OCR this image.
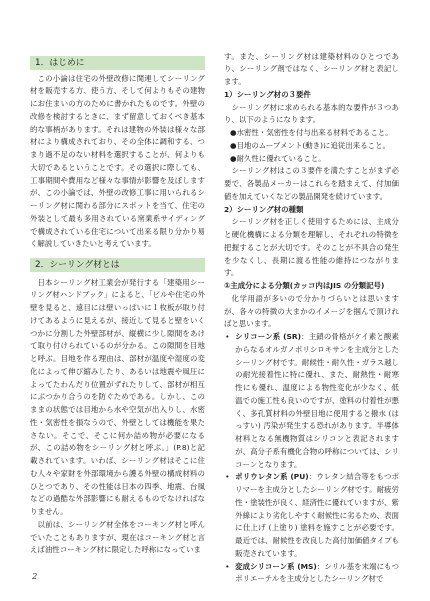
1．はじめに

この小論は住宅の外壁改修に関連してシーリング材を販売する方、使う方、そして何よりもその建物にお住まいの方のために書かれたものです。外壁の改修を検討するときに、まず留意しておくべき基本的な事柄があります。それは建物の外装は様々な部材により構成されており、その全体に調和する、つまり過不足のない材料を選択することが、何よりも大切であるということです。その選択に際しても、工事期間や費用など様々な事情が影響を及ぼしますが、この小論では、外壁の改修工事に用いられるシーリング材に関わる部分にスポットを当て、住宅の外装として最も多用されている窯業系サイディングで構成されている住宅について出来る限り分かり易く解説していきたいと考えています。

2．シーリング材とは

日本シーリング材工業会が発行する「建築用シーリング材ハンドブック」によると、「ビルや住宅の外壁を見ると、遠目には壁いっぱいに１枚板が取り付けてあるように見えるが、接近して見ると壁をいくつかに分割した外壁部材が、縦横に少し隙間をあけて取り付けられているのが分かる。この隙間を目地と呼ぶ。目地を作る理由は、部材が温度や湿度の変化によって伸び縮みしたり、あるいは地震や風圧によってたわんだり位置がずれたりして、部材が相互にぶつかり合うのを防ぐためである。しかし、このままの状態では目地から水や空気が出入りし、水密性・気密性を損なうので、外壁としては機能を果たさない。そこで、そこに何か詰め物が必要になるが、この詰め物をシーリング材と呼ぶ。」(P.8)と記載されています。いわば、シーリング材はそこに住む人々や家財を外部環境から護る外壁の構成材料のひとつであり、その性能は日本の四季、地震、台風などの過酷な外部影響にも耐えるものでなければなりません。

以前は、シーリング材全体をコーキング材と呼んでいたこともありますが、現在はコーキング材と言えば油性コーキング材に限定した呼称になっていま

す。また、シーリング材は建築材料のひとつであり、シーリング剤ではなく、シーリング材と表記します。

1）シーリング材の３要件

シーリング材に求められる基本的な要件が３つあり、以下のようになります。

●水密性・気密性を付与出来る材料であること。
●目地のムーブメント(動き)に追従出来ること。
●耐久性に優れていること。

シーリング材はこの３要件を満たすことがまず必要で、各製品メーカーはこれらを踏まえて、付加価値を加えていくなどの製品開発を続けています。

2）シーリング材の種類

シーリング材を正しく使用するためには、主成分と硬化機構による分類を理解し、それぞれの特徴を把握することが大切です。そのことが不具合の発生を少なくし、長期に渡る性能の維持につながります。

①主成分による分類(カッコ内はJIS の分類記号)

化学用語が多いので分かりづらいとは思いますが、各々の特徴の大まかのイメージを掴んで頂ければと思います。

• シリコーン系 (SR)：主鎖の骨格がケイ素と酸素からなるオルガノポリシロキサンを主成分としたシーリング材です。耐候性・耐久性・ガラス越しの耐光接着性に特に優れ、また、耐熱性・耐寒性にも優れ、温度による物性変化が少なく、低温での施工性も良いのですが、塗料の付着性が悪く、多孔質材料の外壁目地に使用すると撥水 (はっすい) 汚染が発生する恐れがあります。半導体材料となる無機物質はシリコンと表記されますが、高分子系有機化合物の呼称については、シリコーンとなります。
• ポリウレタン系 (PU)：ウレタン結合等をもつポリマーを主成分としたシーリング材です。耐疲労性・塗装性が良く、経済性に優れていますが、紫外線により劣化しやすく耐候性に劣るため、表面に仕上げ (上塗り) 塗料を施すことが必要です。最近では、耐候性を改良した高付加価値タイプも販売されています。
• 変成シリコーン系 (MS)：シリル基を末端にもつポリエーテルを主成分としたシーリング材で
2
